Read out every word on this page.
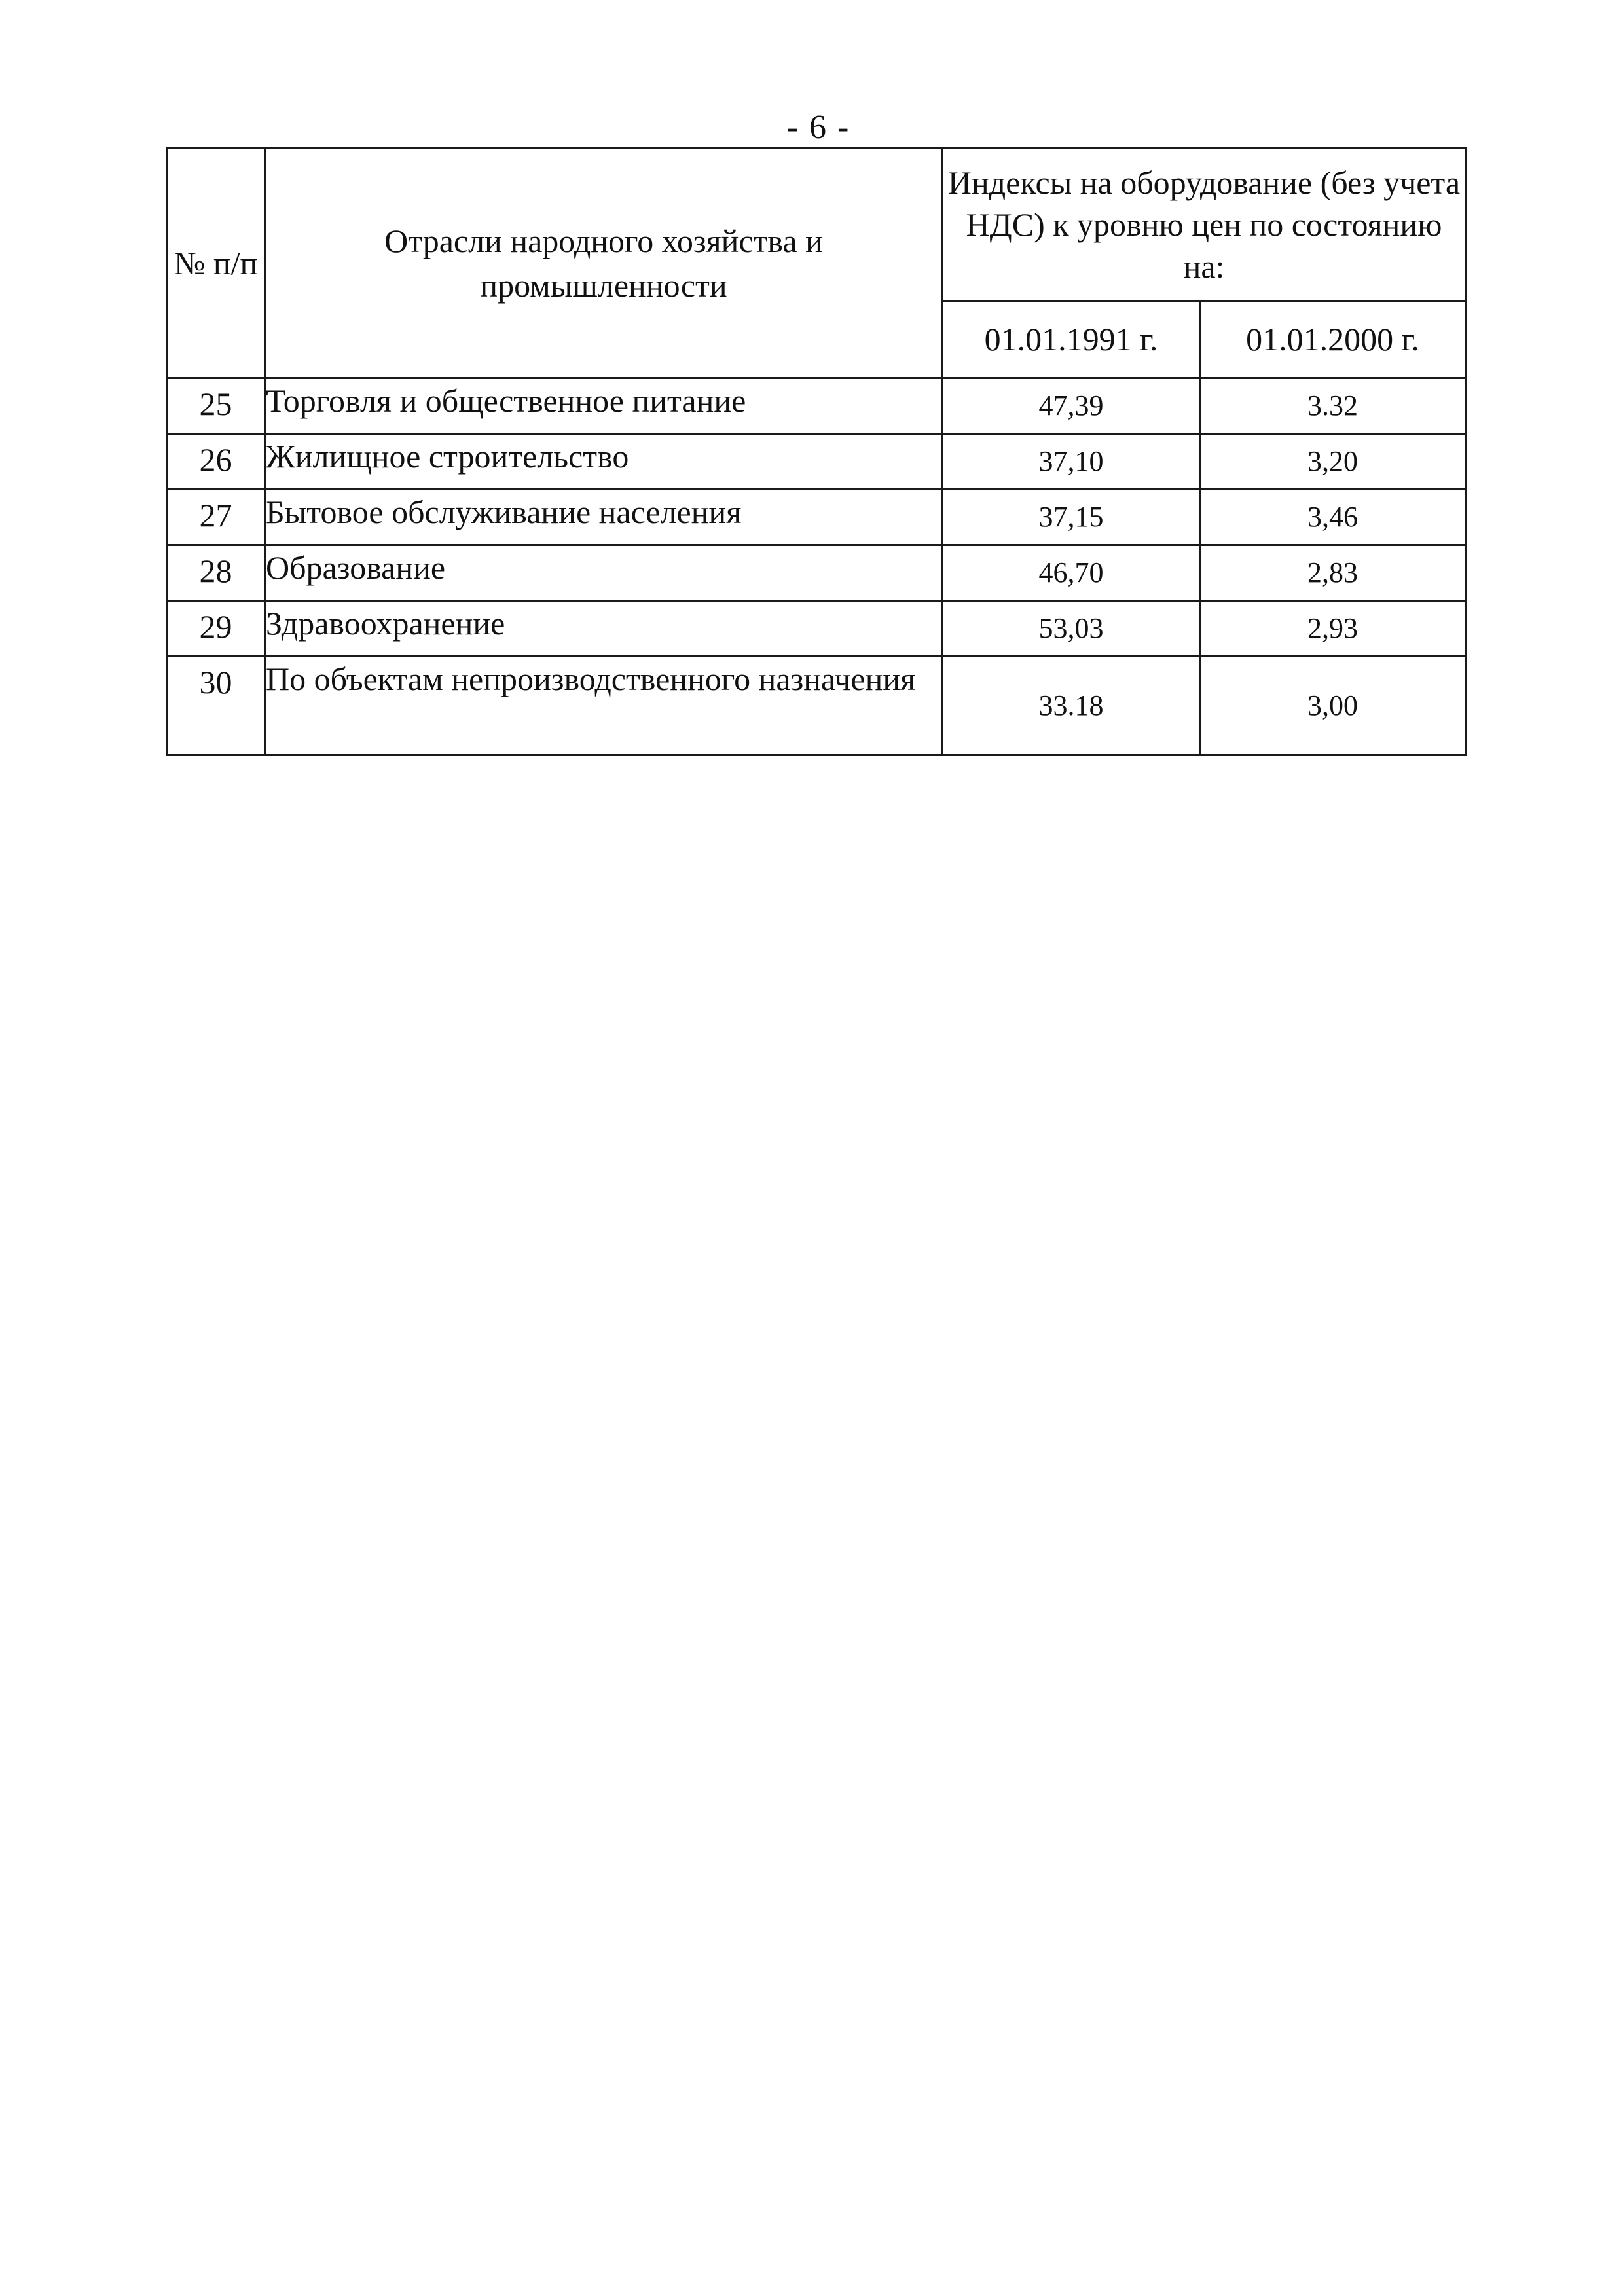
- 6 -
№ п/п	Отрасли народного хозяйства и промышленности	Индексы на оборудование (без учета НДС) к уровню цен по состоянию на:	
		01.01.1991 г.	01.01.2000 г.
25	Торговля и общественное питание	47,39	3.32
26	Жилищное строительство	37,10	3,20
27	Бытовое обслуживание населения	37,15	3,46
28	Образование	46,70	2,83
29	Здравоохранение	53,03	2,93
30	По объектам непроизводственного назначения	33.18	3,00
